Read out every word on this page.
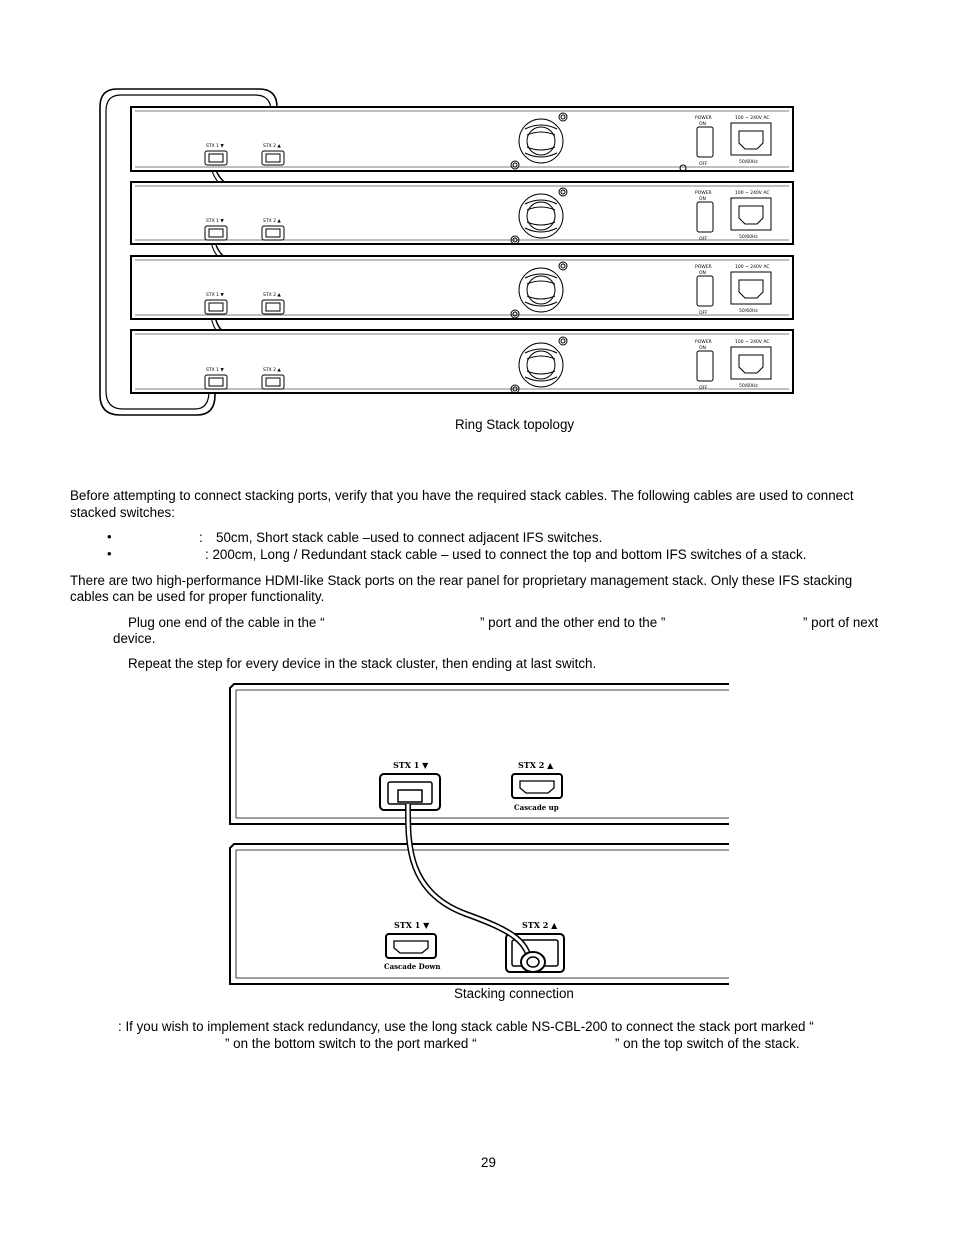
STX 1 ▼	STX 2 ▲
POWER
ON
OFF
100 ~ 240V AC
50/60Hz
STX 1 ▼	STX 2 ▲
POWER
ON
OFF
100 ~ 240V AC
50/60Hz
STX 1 ▼	STX 2 ▲
POWER
ON
OFF
100 ~ 240V AC
50/60Hz
STX 1 ▼	STX 2 ▲
POWER
ON
OFF
100 ~ 240V AC
50/60Hz
Ring Stack topology
Before attempting to connect stacking ports, verify that you have the required stack cables. The following cables are used to connect
stacked switches:
•	: 50cm, Short stack cable –used to connect adjacent IFS switches.
•	: 200cm, Long / Redundant stack cable – used to connect the top and bottom IFS switches of a stack.
There are two high-performance HDMI-like Stack ports on the rear panel for proprietary management stack. Only these IFS stacking
cables can be used for proper functionality.
Plug one end of the cable in the “	” port and the other end to the ”	” port of next
device.
Repeat the step for every device in the stack cluster, then ending at last switch.
STX 1 ▼	STX 2 ▲
Cascade up
STX 1 ▼	STX 2 ▲
Cascade Down
Stacking connection
: If you wish to implement stack redundancy, use the long stack cable NS-CBL-200 to connect the stack port marked “
” on the bottom switch to the port marked “	” on the top switch of the stack.
29
